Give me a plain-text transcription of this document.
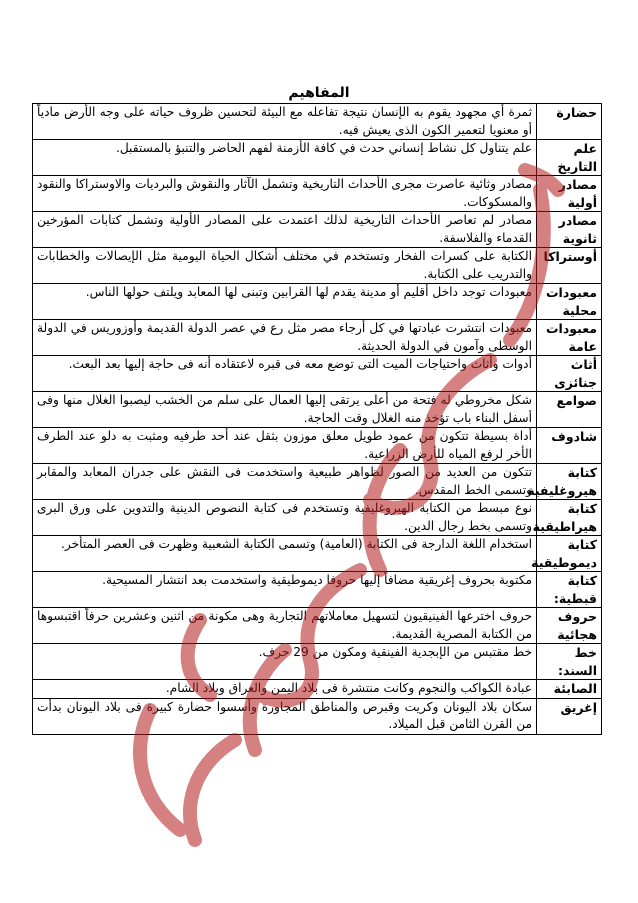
المفاهيم
حضارة	ثمرة أي مجهود يقوم به الإنسان نتيجة تفاعله مع البيئة لتحسين ظروف حياته على وجه الأرض مادياً أو معنويا لتعمير الكون الذى يعيش فيه.
علم التاريخ	علم يتناول كل نشاط إنساني حدث في كافة الأزمنة لفهم الحاضر والتنبؤ بالمستقبل.
مصادر أولية	مصادر وثائية عاصرت مجرى الأحداث التاريخية وتشمل الآثار والنقوش والبرديات والاوستراكا والنقود والمسكوكات.
مصادر ثانوية	مصادر لم تعاصر الأحداث التاريخية لذلك اعتمدت على المصادر الأولية وتشمل كتابات المؤرخين القدماء والفلاسفة.
أوستراكا	الكتابة على كسرات الفخار وتستخدم في مختلف أشكال الحياة اليومية مثل الإيصالات والخطابات والتدريب على الكتابة.
معبودات محلية	معبودات توجد داخل أقليم أو مدينة يقدم لها القرابين وتبنى لها المعابد ويلتف حولها الناس.
معبودات عامة	معبودات انتشرت عبادتها في كل أرجاء مصر مثل رع في عصر الدولة القديمة وأوزوريس في الدولة الوسطى وآمون في الدولة الحديثة.
أثاث جنائزى	أدوات وأثاث واحتياجات الميت التى توضع معه فى قبره لاعتقاده أنه فى حاجة إليها بعد البعث.
صوامع	شكل مخروطي له فتحة من أعلى يرتقى إليها العمال على سلم من الخشب ليصبوا الغلال منها وفى أسفل البناء باب تؤخذ منه الغلال وقت الحاجة.
شادوف	أداة بسيطة تتكون من عمود طويل معلق موزون بثقل عند أحد طرفيه ومثبت به دلو عند الطرف الأخر لرفع المياه للأرض الزراعية.
كتابة هيروغليفية	تتكون من العديد من الصور لظواهر طبيعية واستخدمت فى النقش على جدران المعابد والمقابر وتسمى الخط المقدس.
كتابة هيراطيقية	نوع مبسط من الكتابة الهيروغليفية وتستخدم فى كتابة النصوص الدينية والتدوين على ورق البرى وتسمى بخط رجال الدين.
كتابة ديموطيقية	استخدام اللغة الدارجة فى الكتابة (العامية) وتسمى الكتابة الشعبية وظهرت فى العصر المتأخر.
كتابة قبطية:	مكتوبة بحروف إغريقية مضافاً إليها حروفا ديموطيقية واستخدمت بعد انتشار المسيحية.
حروف هجائية	حروف اخترعها الفينيقيون لتسهيل معاملاتهم التجارية وهى مكونة من اثنين وعشرين حرفاً اقتبسوها من الكتابة المصرية القديمة.
خط السند:	خط مقتبس من الإبجدية الفينقية ومكون من 29 حرف.
الصابئة	عبادة الكواكب والنجوم وكانت منتشرة فى بلاد اليمن والعراق وبلاد الشام.
إغريق	سكان بلاد اليونان وكريت وقبرص والمناطق المجاورة وأسسوا حضارة كبيرة فى بلاد اليونان بدأت من القرن الثامن قبل الميلاد.
